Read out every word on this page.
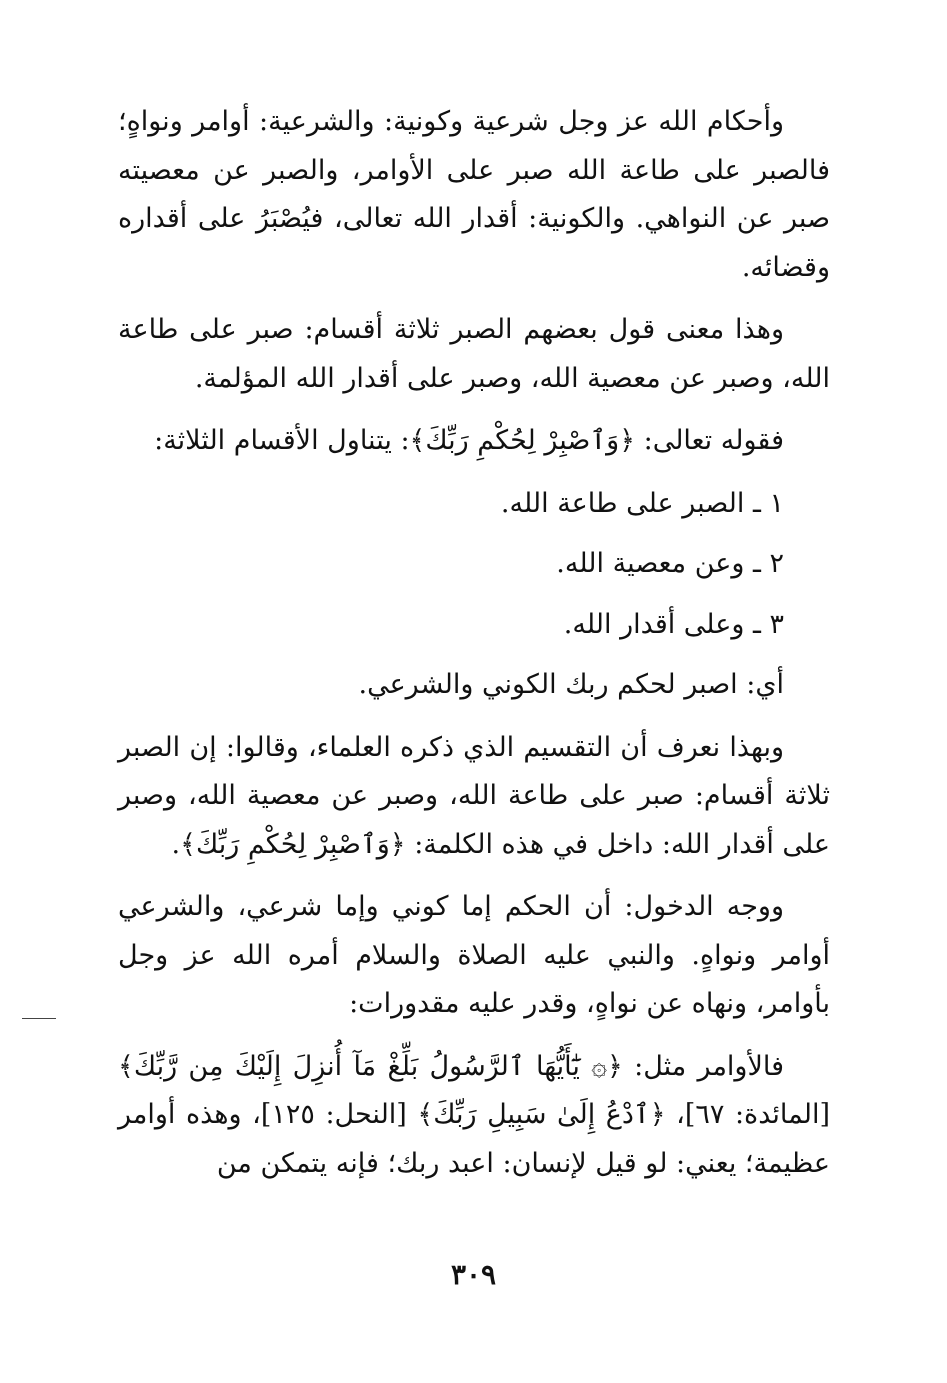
وأحكام الله عز وجل شرعية وكونية: والشرعية: أوامر ونواهٍ؛ فالصبر على طاعة الله صبر على الأوامر، والصبر عن معصيته صبر عن النواهي. والكونية: أقدار الله تعالى، فيُصْبَرُ على أقداره وقضائه.

وهذا معنى قول بعضهم الصبر ثلاثة أقسام: صبر على طاعة الله، وصبر عن معصية الله، وصبر على أقدار الله المؤلمة.

فقوله تعالى: ﴿وَٱصْبِرْ لِحُكْمِ رَبِّكَ﴾: يتناول الأقسام الثلاثة:

١ ـ الصبر على طاعة الله.
٢ ـ وعن معصية الله.
٣ ـ وعلى أقدار الله.

أي: اصبر لحكم ربك الكوني والشرعي.

وبهذا نعرف أن التقسيم الذي ذكره العلماء، وقالوا: إن الصبر ثلاثة أقسام: صبر على طاعة الله، وصبر عن معصية الله، وصبر على أقدار الله: داخل في هذه الكلمة: ﴿وَٱصْبِرْ لِحُكْمِ رَبِّكَ﴾.

ووجه الدخول: أن الحكم إما كوني وإما شرعي، والشرعي أوامر ونواهٍ. والنبي عليه الصلاة والسلام أمره الله عز وجل بأوامر، ونهاه عن نواهٍ، وقدر عليه مقدورات:

فالأوامر مثل: ﴿۞ يَٰٓأَيُّهَا ٱلرَّسُولُ بَلِّغْ مَآ أُنزِلَ إِلَيْكَ مِن رَّبِّكَ﴾ [المائدة: ٦٧]، ﴿ٱدْعُ إِلَىٰ سَبِيلِ رَبِّكَ﴾ [النحل: ١٢٥]، وهذه أوامر عظيمة؛ يعني: لو قيل لإنسان: اعبد ربك؛ فإنه يتمكن من

٣٠٩
